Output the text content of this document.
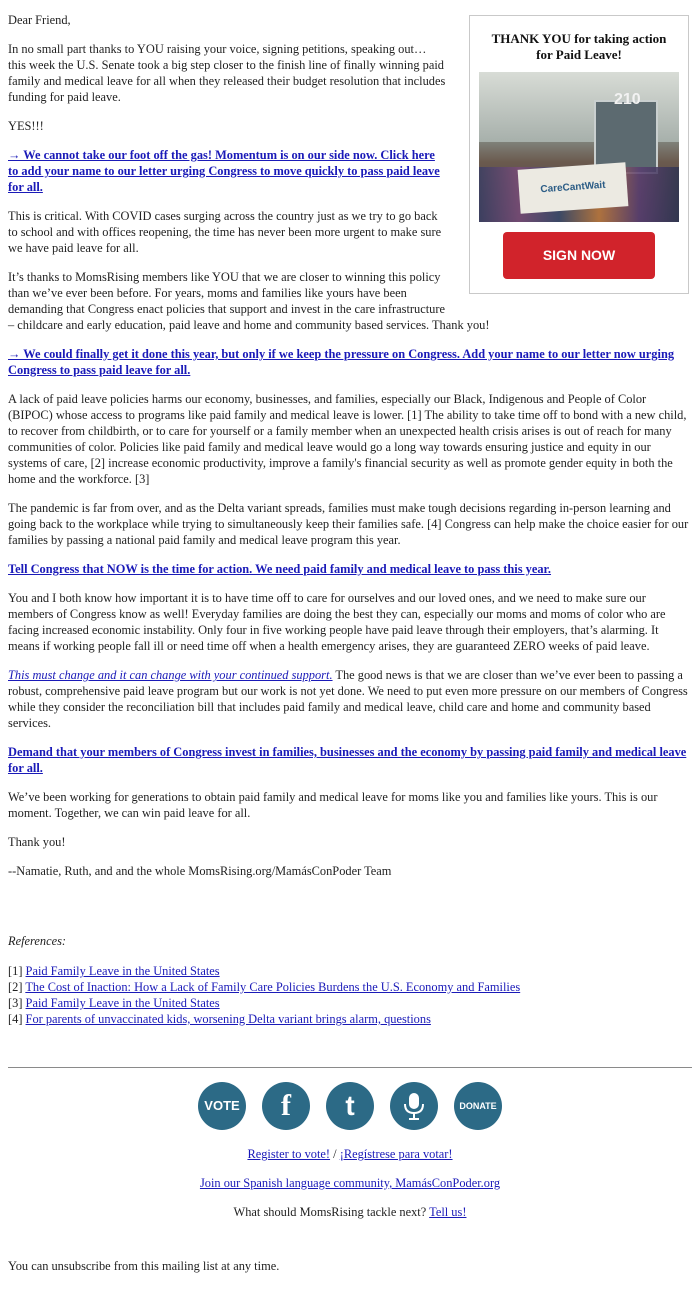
THANK YOU for taking action for Paid Leave!
210
CareCantWait
SIGN NOW

Dear Friend,

In no small part thanks to YOU raising your voice, signing petitions, speaking out… this week the U.S. Senate took a big step closer to the finish line of finally winning paid family and medical leave for all when they released their budget resolution that includes funding for paid leave.

YES!!!

→ We cannot take our foot off the gas! Momentum is on our side now. Click here to add your name to our letter urging Congress to move quickly to pass paid leave for all.

This is critical. With COVID cases surging across the country just as we try to go back to school and with offices reopening, the time has never been more urgent to make sure we have paid leave for all.

It’s thanks to MomsRising members like YOU that we are closer to winning this policy than we’ve ever been before. For years, moms and families like yours have been demanding that Congress enact policies that support and invest in the care infrastructure – childcare and early education, paid leave and home and community based services. Thank you!

→ We could finally get it done this year, but only if we keep the pressure on Congress. Add your name to our letter now urging Congress to pass paid leave for all.

A lack of paid leave policies harms our economy, businesses, and families, especially our Black, Indigenous and People of Color (BIPOC) whose access to programs like paid family and medical leave is lower. [1] The ability to take time off to bond with a new child, to recover from childbirth, or to care for yourself or a family member when an unexpected health crisis arises is out of reach for many communities of color. Policies like paid family and medical leave would go a long way towards ensuring justice and equity in our systems of care, [2] increase economic productivity, improve a family's financial security as well as promote gender equity in both the home and the workforce. [3]

The pandemic is far from over, and as the Delta variant spreads, families must make tough decisions regarding in-person learning and going back to the workplace while trying to simultaneously keep their families safe. [4] Congress can help make the choice easier for our families by passing a national paid family and medical leave program this year.

Tell Congress that NOW is the time for action. We need paid family and medical leave to pass this year.

You and I both know how important it is to have time off to care for ourselves and our loved ones, and we need to make sure our members of Congress know as well! Everyday families are doing the best they can, especially our moms and moms of color who are facing increased economic instability. Only four in five working people have paid leave through their employers, that’s alarming. It means if working people fall ill or need time off when a health emergency arises, they are guaranteed ZERO weeks of paid leave.

This must change and it can change with your continued support. The good news is that we are closer than we’ve ever been to passing a robust, comprehensive paid leave program but our work is not yet done. We need to put even more pressure on our members of Congress while they consider the reconciliation bill that includes paid family and medical leave, child care and home and community based services.

Demand that your members of Congress invest in families, businesses and the economy by passing paid family and medical leave for all.

We’ve been working for generations to obtain paid family and medical leave for moms like you and families like yours. This is our moment. Together, we can win paid leave for all.

Thank you!

--Namatie, Ruth, and and the whole MomsRising.org/MamásConPoder Team

References:
[1] Paid Family Leave in the United States
[2] The Cost of Inaction: How a Lack of Family Care Policies Burdens the U.S. Economy and Families
[3] Paid Family Leave in the United States
[4] For parents of unvaccinated kids, worsening Delta variant brings alarm, questions
VOTE f t	DONATE

Register to vote! / ¡Regístrese para votar!

Join our Spanish language community, MamásConPoder.org

What should MomsRising tackle next? Tell us!

You can unsubscribe from this mailing list at any time.
